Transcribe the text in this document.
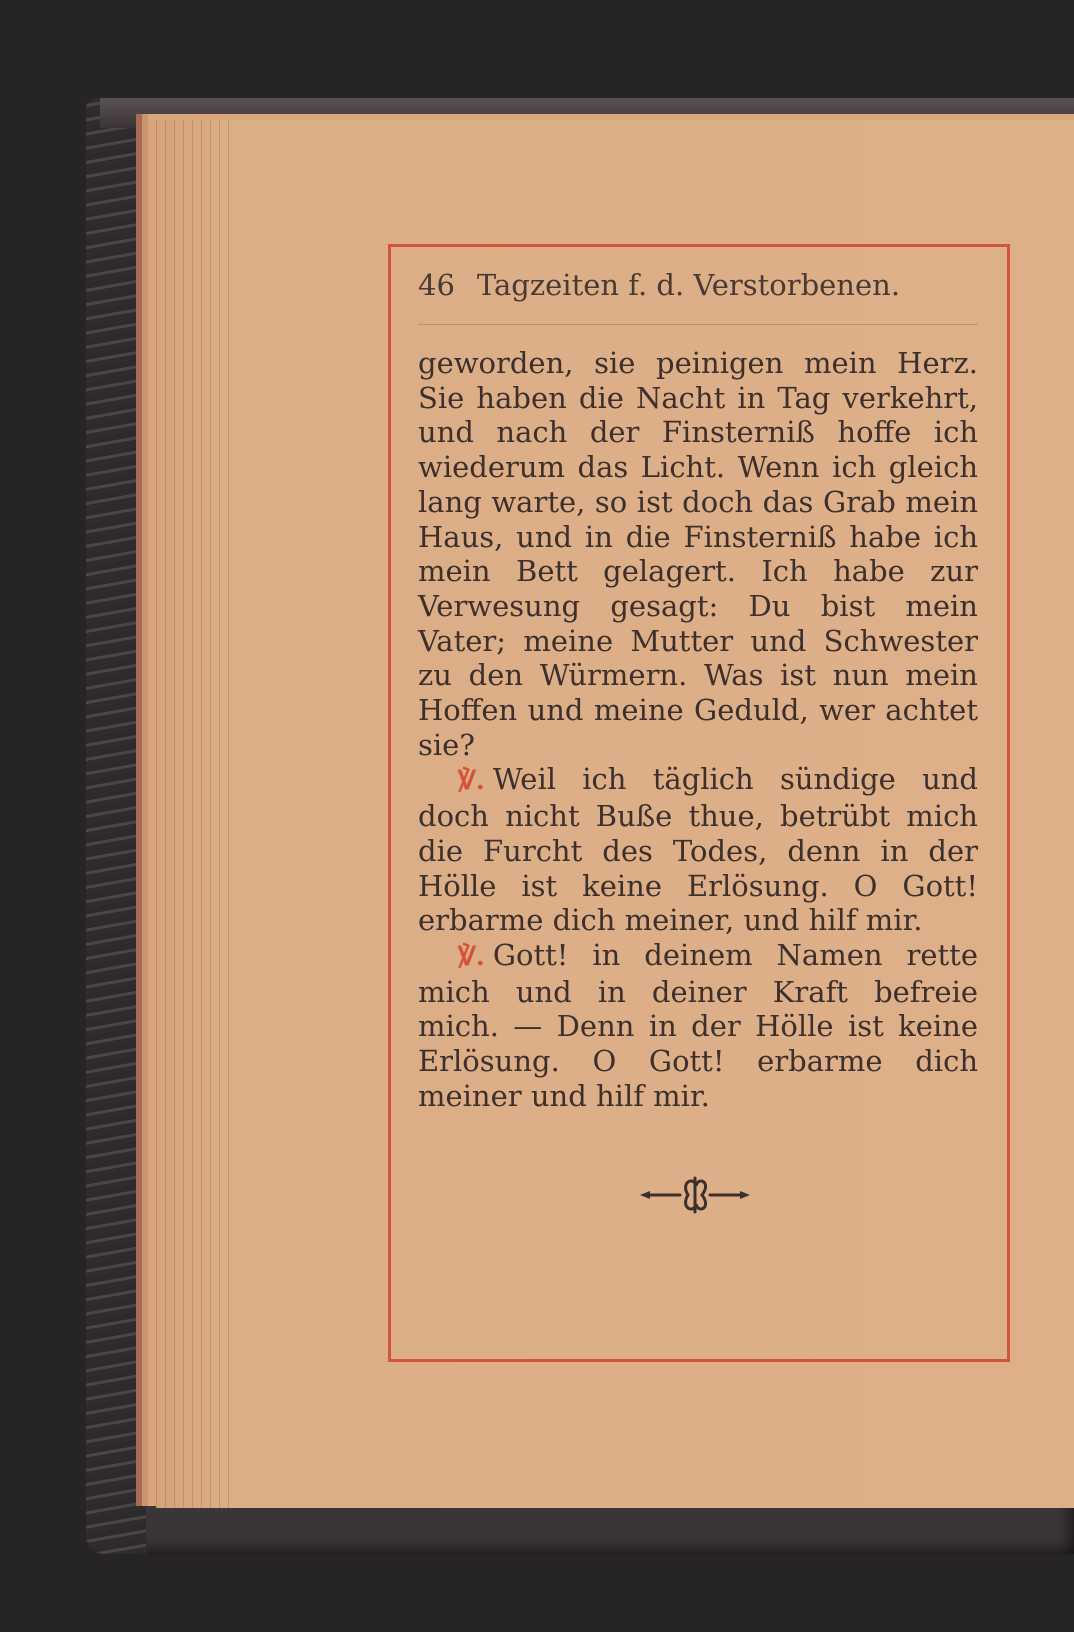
46 Tagzeiten f. d. Verstorbenen.

geworden, sie peinigen mein Herz. Sie haben die Nacht in Tag verkehrt, und nach der Finsterniß hoffe ich wiederum das Licht. Wenn ich gleich lang warte, so ist doch das Grab mein Haus, und in die Finsterniß habe ich mein Bett gelagert. Ich habe zur Verwesung gesagt: Du bist mein Vater; meine Mutter und Schwester zu den Würmern. Was ist nun mein Hoffen und meine Geduld, wer achtet sie?

℣. Weil ich täglich sündige und doch nicht Buße thue, betrübt mich die Furcht des Todes, denn in der Hölle ist keine Erlösung. O Gott! erbarme dich meiner, und hilf mir.

℣. Gott! in deinem Namen rette mich und in deiner Kraft befreie mich. — Denn in der Hölle ist keine Erlösung. O Gott! erbarme dich meiner und hilf mir.
